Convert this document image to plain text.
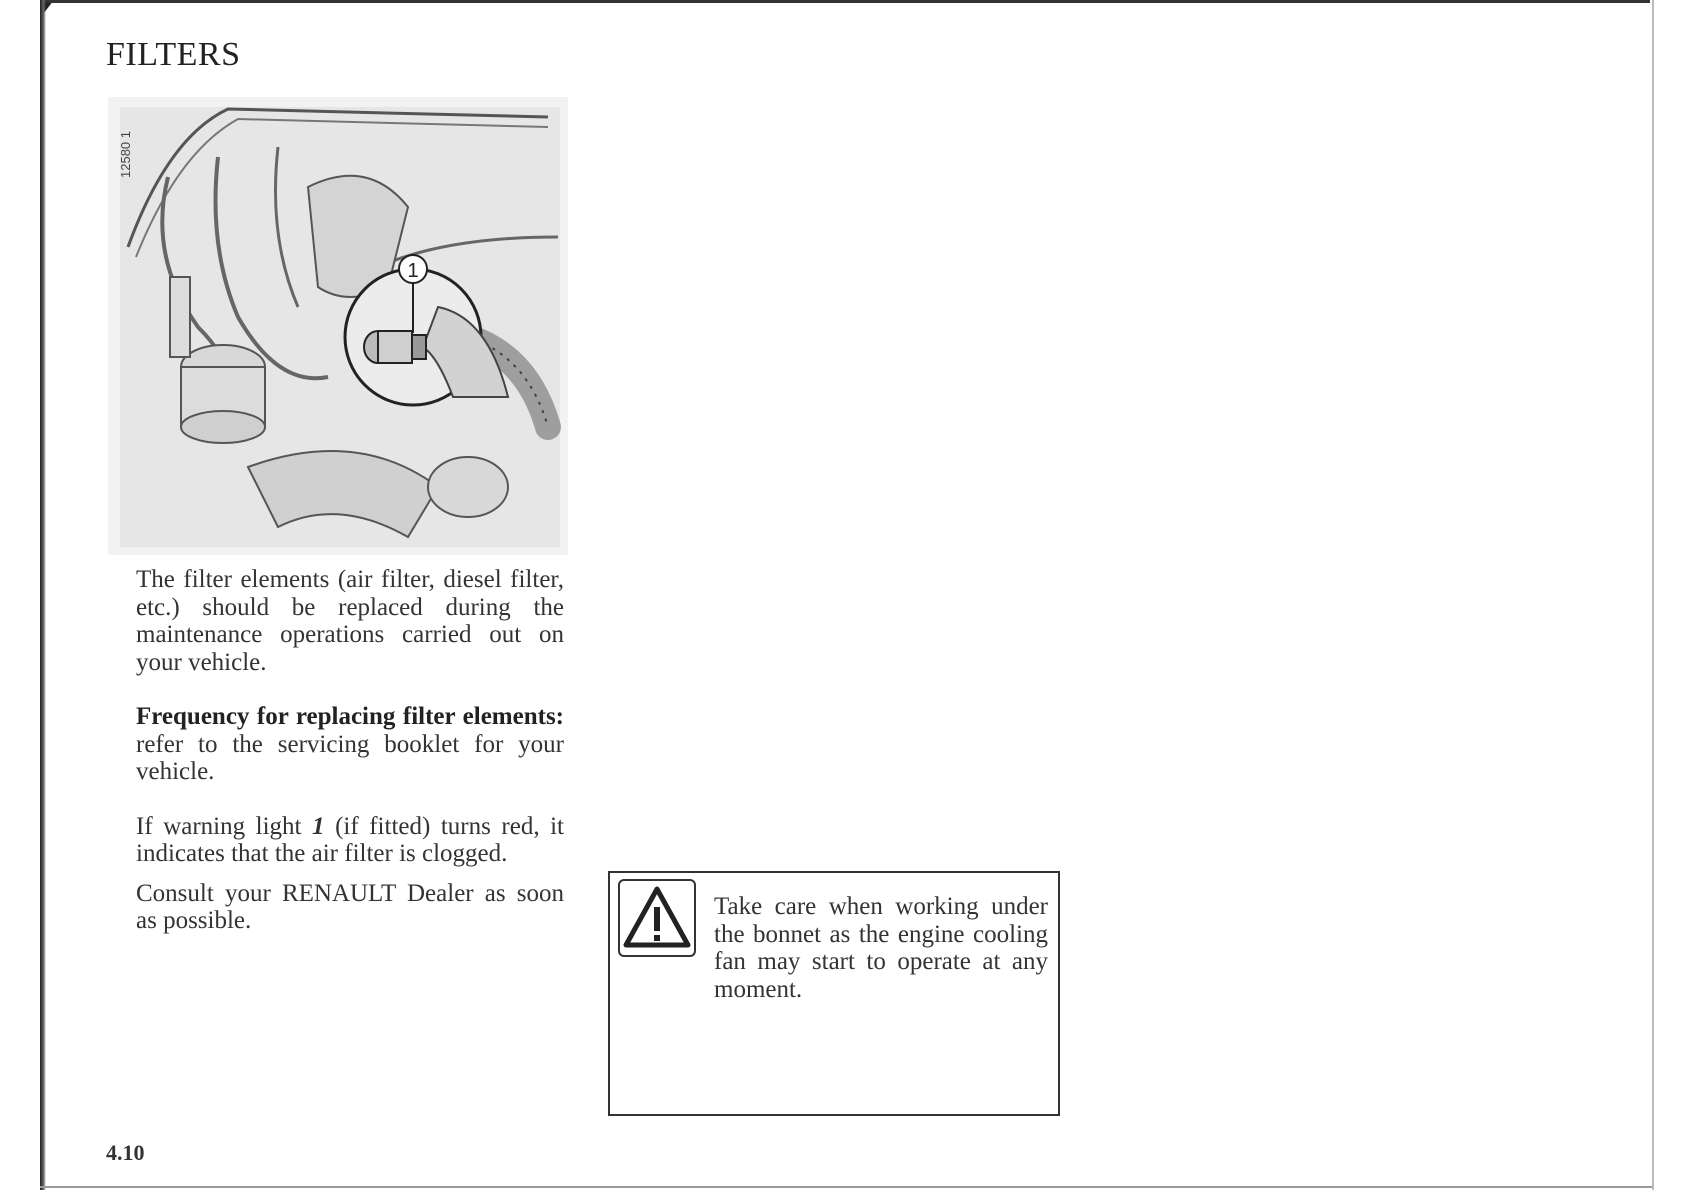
FILTERS
1
12580 1

The filter elements (air filter, diesel filter, etc.) should be replaced during the maintenance operations carried out on your vehicle.

Frequency for replacing filter elements: refer to the servicing booklet for your vehicle.

If warning light 1 (if fitted) turns red, it indicates that the air filter is clogged.

Consult your RENAULT Dealer as soon as possible.

Take care when working under the bonnet as the engine cooling fan may start to operate at any moment.

4.10
